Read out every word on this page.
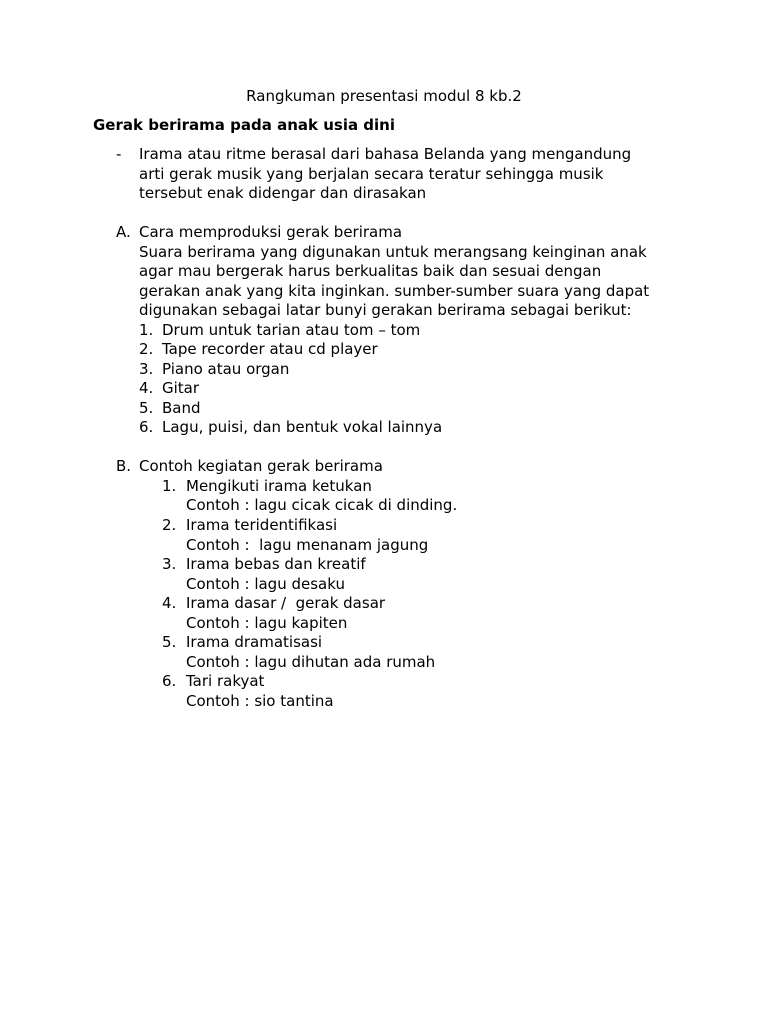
Rangkuman presentasi modul 8 kb.2
Gerak berirama pada anak usia dini
- Irama atau ritme berasal dari bahasa Belanda yang mengandung
arti gerak musik yang berjalan secara teratur sehingga musik
tersebut enak didengar dan dirasakan
A. Cara memproduksi gerak berirama
Suara berirama yang digunakan untuk merangsang keinginan anak
agar mau bergerak harus berkualitas baik dan sesuai dengan
gerakan anak yang kita inginkan. sumber-sumber suara yang dapat
digunakan sebagai latar bunyi gerakan berirama sebagai berikut:
1. Drum untuk tarian atau tom – tom
2. Tape recorder atau cd player
3. Piano atau organ
4. Gitar
5. Band
6. Lagu, puisi, dan bentuk vokal lainnya
B. Contoh kegiatan gerak berirama
1. Mengikuti irama ketukan
Contoh : lagu cicak cicak di dinding.
2. Irama teridentifikasi
Contoh :  lagu menanam jagung
3. Irama bebas dan kreatif
Contoh : lagu desaku
4. Irama dasar /  gerak dasar
Contoh : lagu kapiten
5. Irama dramatisasi
Contoh : lagu dihutan ada rumah
6. Tari rakyat
Contoh : sio tantina
